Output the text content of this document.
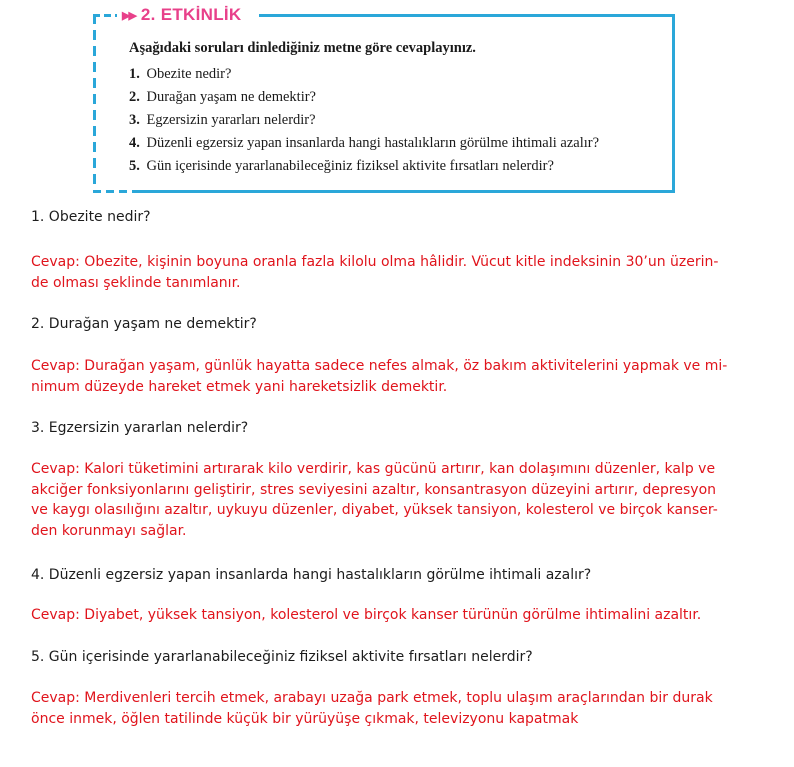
▶▶ 2. ETKİNLİK

Aşağıdaki soruları dinlediğiniz metne göre cevaplayınız.

1. Obezite nedir?

2. Durağan yaşam ne demektir?

3. Egzersizin yararları nelerdir?

4. Düzenli egzersiz yapan insanlarda hangi hastalıkların görülme ihtimali azalır?

5. Gün içerisinde yararlanabileceğiniz fiziksel aktivite fırsatları nelerdir?

1. Obezite nedir?

Cevap: Obezite, kişinin boyuna oranla fazla kilolu olma hâlidir. Vücut kitle indeksinin 30’un üzerin-

de olması şeklinde tanımlanır.

2. Durağan yaşam ne demektir?

Cevap: Durağan yaşam, günlük hayatta sadece nefes almak, öz bakım aktivitelerini yapmak ve mi-

nimum düzeyde hareket etmek yani hareketsizlik demektir.

3. Egzersizin yararlan nelerdir?

Cevap: Kalori tüketimini artırarak kilo verdirir, kas gücünü artırır, kan dolaşımını düzenler, kalp ve

akciğer fonksiyonlarını geliştirir, stres seviyesini azaltır, konsantrasyon düzeyini artırır, depresyon

ve kaygı olasılığını azaltır, uykuyu düzenler, diyabet, yüksek tansiyon, kolesterol ve birçok kanser-

den korunmayı sağlar.

4. Düzenli egzersiz yapan insanlarda hangi hastalıkların görülme ihtimali azalır?

Cevap: Diyabet, yüksek tansiyon, kolesterol ve birçok kanser türünün görülme ihtimalini azaltır.

5. Gün içerisinde yararlanabileceğiniz fiziksel aktivite fırsatları nelerdir?

Cevap: Merdivenleri tercih etmek, arabayı uzağa park etmek, toplu ulaşım araçlarından bir durak

önce inmek, öğlen tatilinde küçük bir yürüyüşe çıkmak, televizyonu kapatmak
